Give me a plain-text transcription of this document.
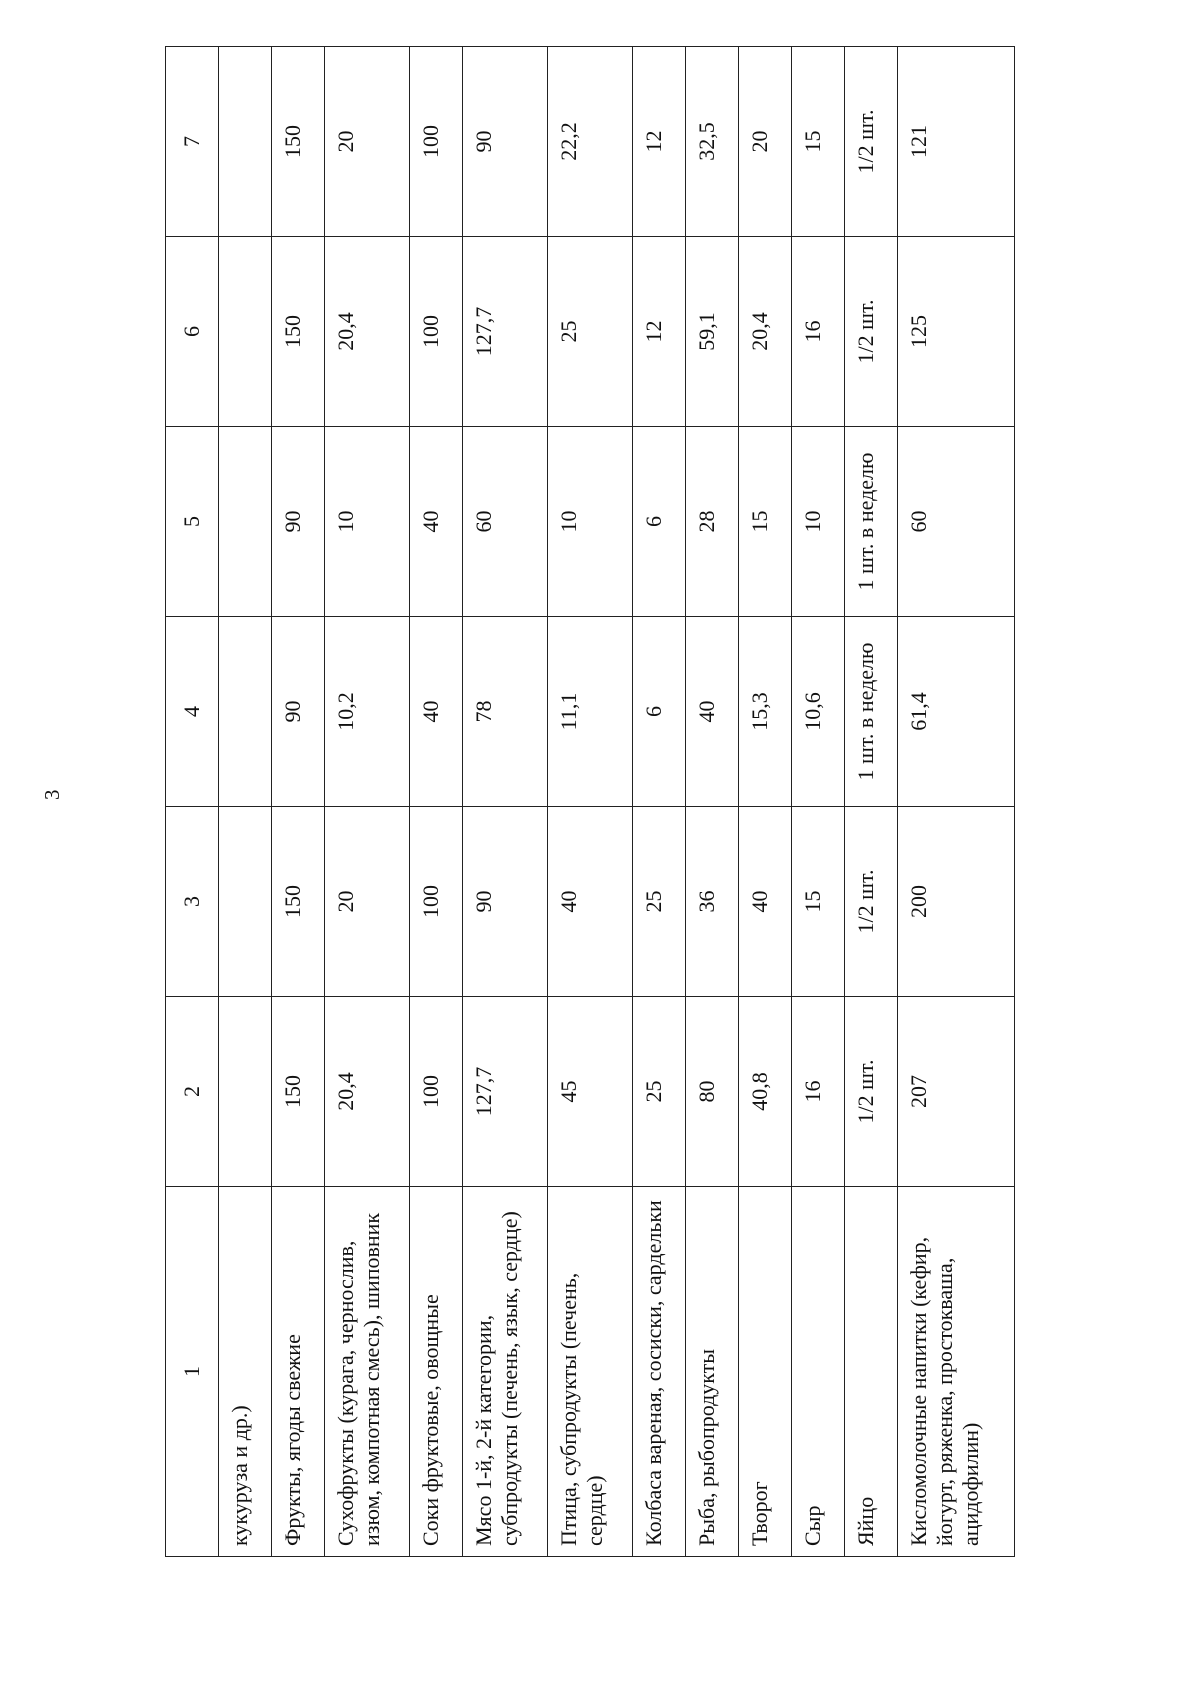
3
1	2	3	4	5	6	7
кукуруза и др.)						
Фрукты, ягоды свежие	150	150	90	90	150	150
Сухофрукты (курага, чернослив, изюм, компотная смесь), шиповник	20,4	20	10,2	10	20,4	20
Соки фруктовые, овощные	100	100	40	40	100	100
Мясо 1-й, 2-й категории, субпродукты (печень, язык, сердце)	127,7	90	78	60	127,7	90
Птица, субпродукты (печень, сердце)	45	40	11,1	10	25	22,2
Колбаса вареная, сосиски, сардельки	25	25	6	6	12	12
Рыба, рыбопродукты	80	36	40	28	59,1	32,5
Творог	40,8	40	15,3	15	20,4	20
Сыр	16	15	10,6	10	16	15
Яйцо	1/2 шт.	1/2 шт.	1 шт. в неделю	1 шт. в неделю	1/2 шт.	1/2 шт.
Кисломолочные напитки (кефир, йогурт, ряженка, простокваша, ацидофилин)	207	200	61,4	60	125	121
